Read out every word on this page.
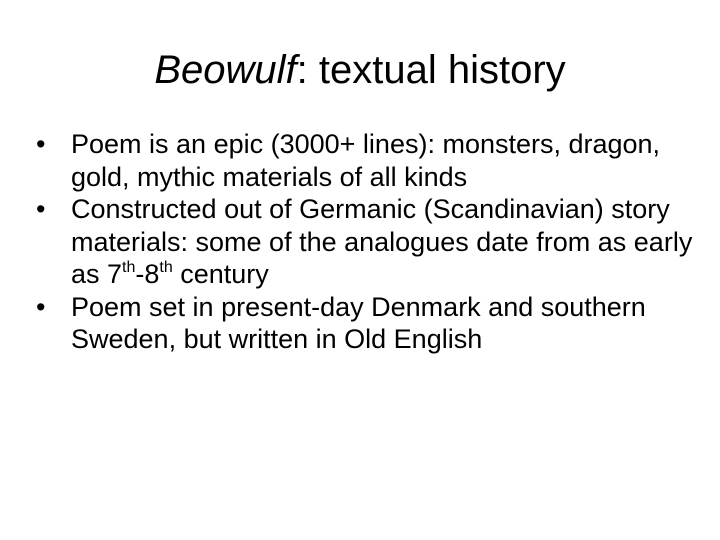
Beowulf: textual history
• Poem is an epic (3000+ lines): monsters, dragon, gold, mythic materials of all kinds
• Constructed out of Germanic (Scandinavian) story materials: some of the analogues date from as early as 7th-8th century
• Poem set in present-day Denmark and southern Sweden, but written in Old English
